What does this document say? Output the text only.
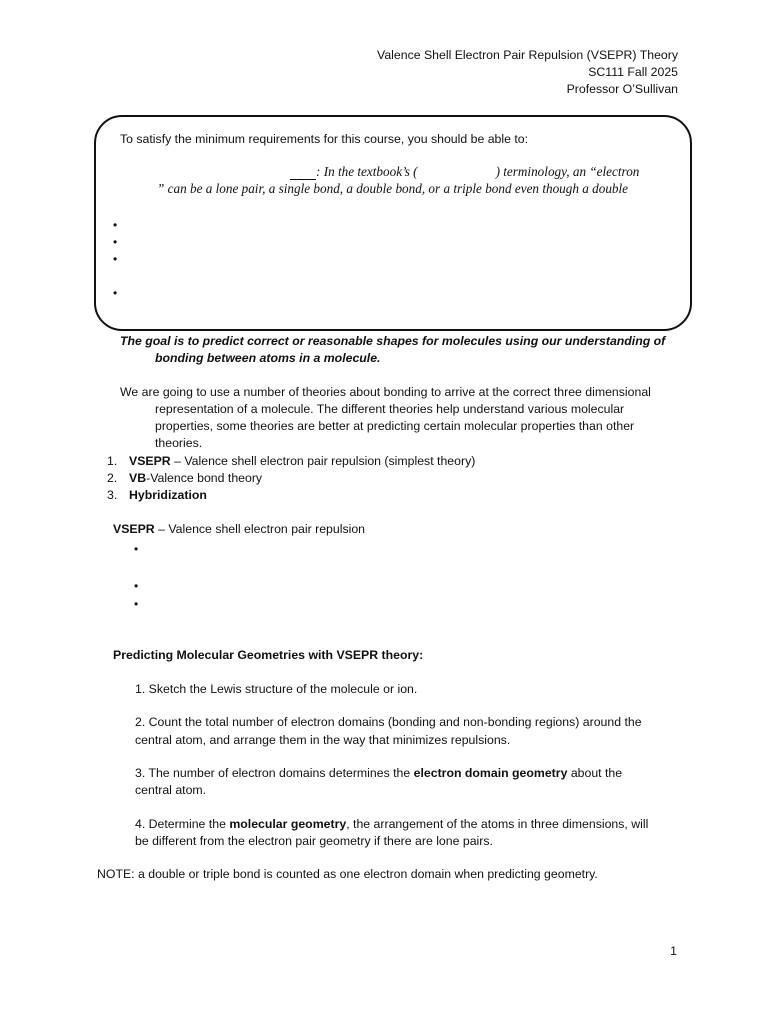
Valence Shell Electron Pair Repulsion (VSEPR) Theory
SC111 Fall 2025
Professor O’Sullivan
To satisfy the minimum requirements for this course, you should be able to:
: In the textbook’s (	) terminology, an “electron
” can be a lone pair, a single bond, a double bond, or a triple bond even though a double
•
•
•
•
The goal is to predict correct or reasonable shapes for molecules using our understanding of
bonding between atoms in a molecule.
We are going to use a number of theories about bonding to arrive at the correct three dimensional
representation of a molecule. The different theories help understand various molecular
properties, some theories are better at predicting certain molecular properties than other
theories.
1. VSEPR – Valence shell electron pair repulsion (simplest theory)
2. VB-Valence bond theory
3. Hybridization
VSEPR – Valence shell electron pair repulsion
•
•
•
Predicting Molecular Geometries with VSEPR theory:
1. Sketch the Lewis structure of the molecule or ion.
2. Count the total number of electron domains (bonding and non-bonding regions) around the
central atom, and arrange them in the way that minimizes repulsions.
3. The number of electron domains determines the electron domain geometry about the
central atom.
4. Determine the molecular geometry, the arrangement of the atoms in three dimensions, will
be different from the electron pair geometry if there are lone pairs.
NOTE: a double or triple bond is counted as one electron domain when predicting geometry.
1
